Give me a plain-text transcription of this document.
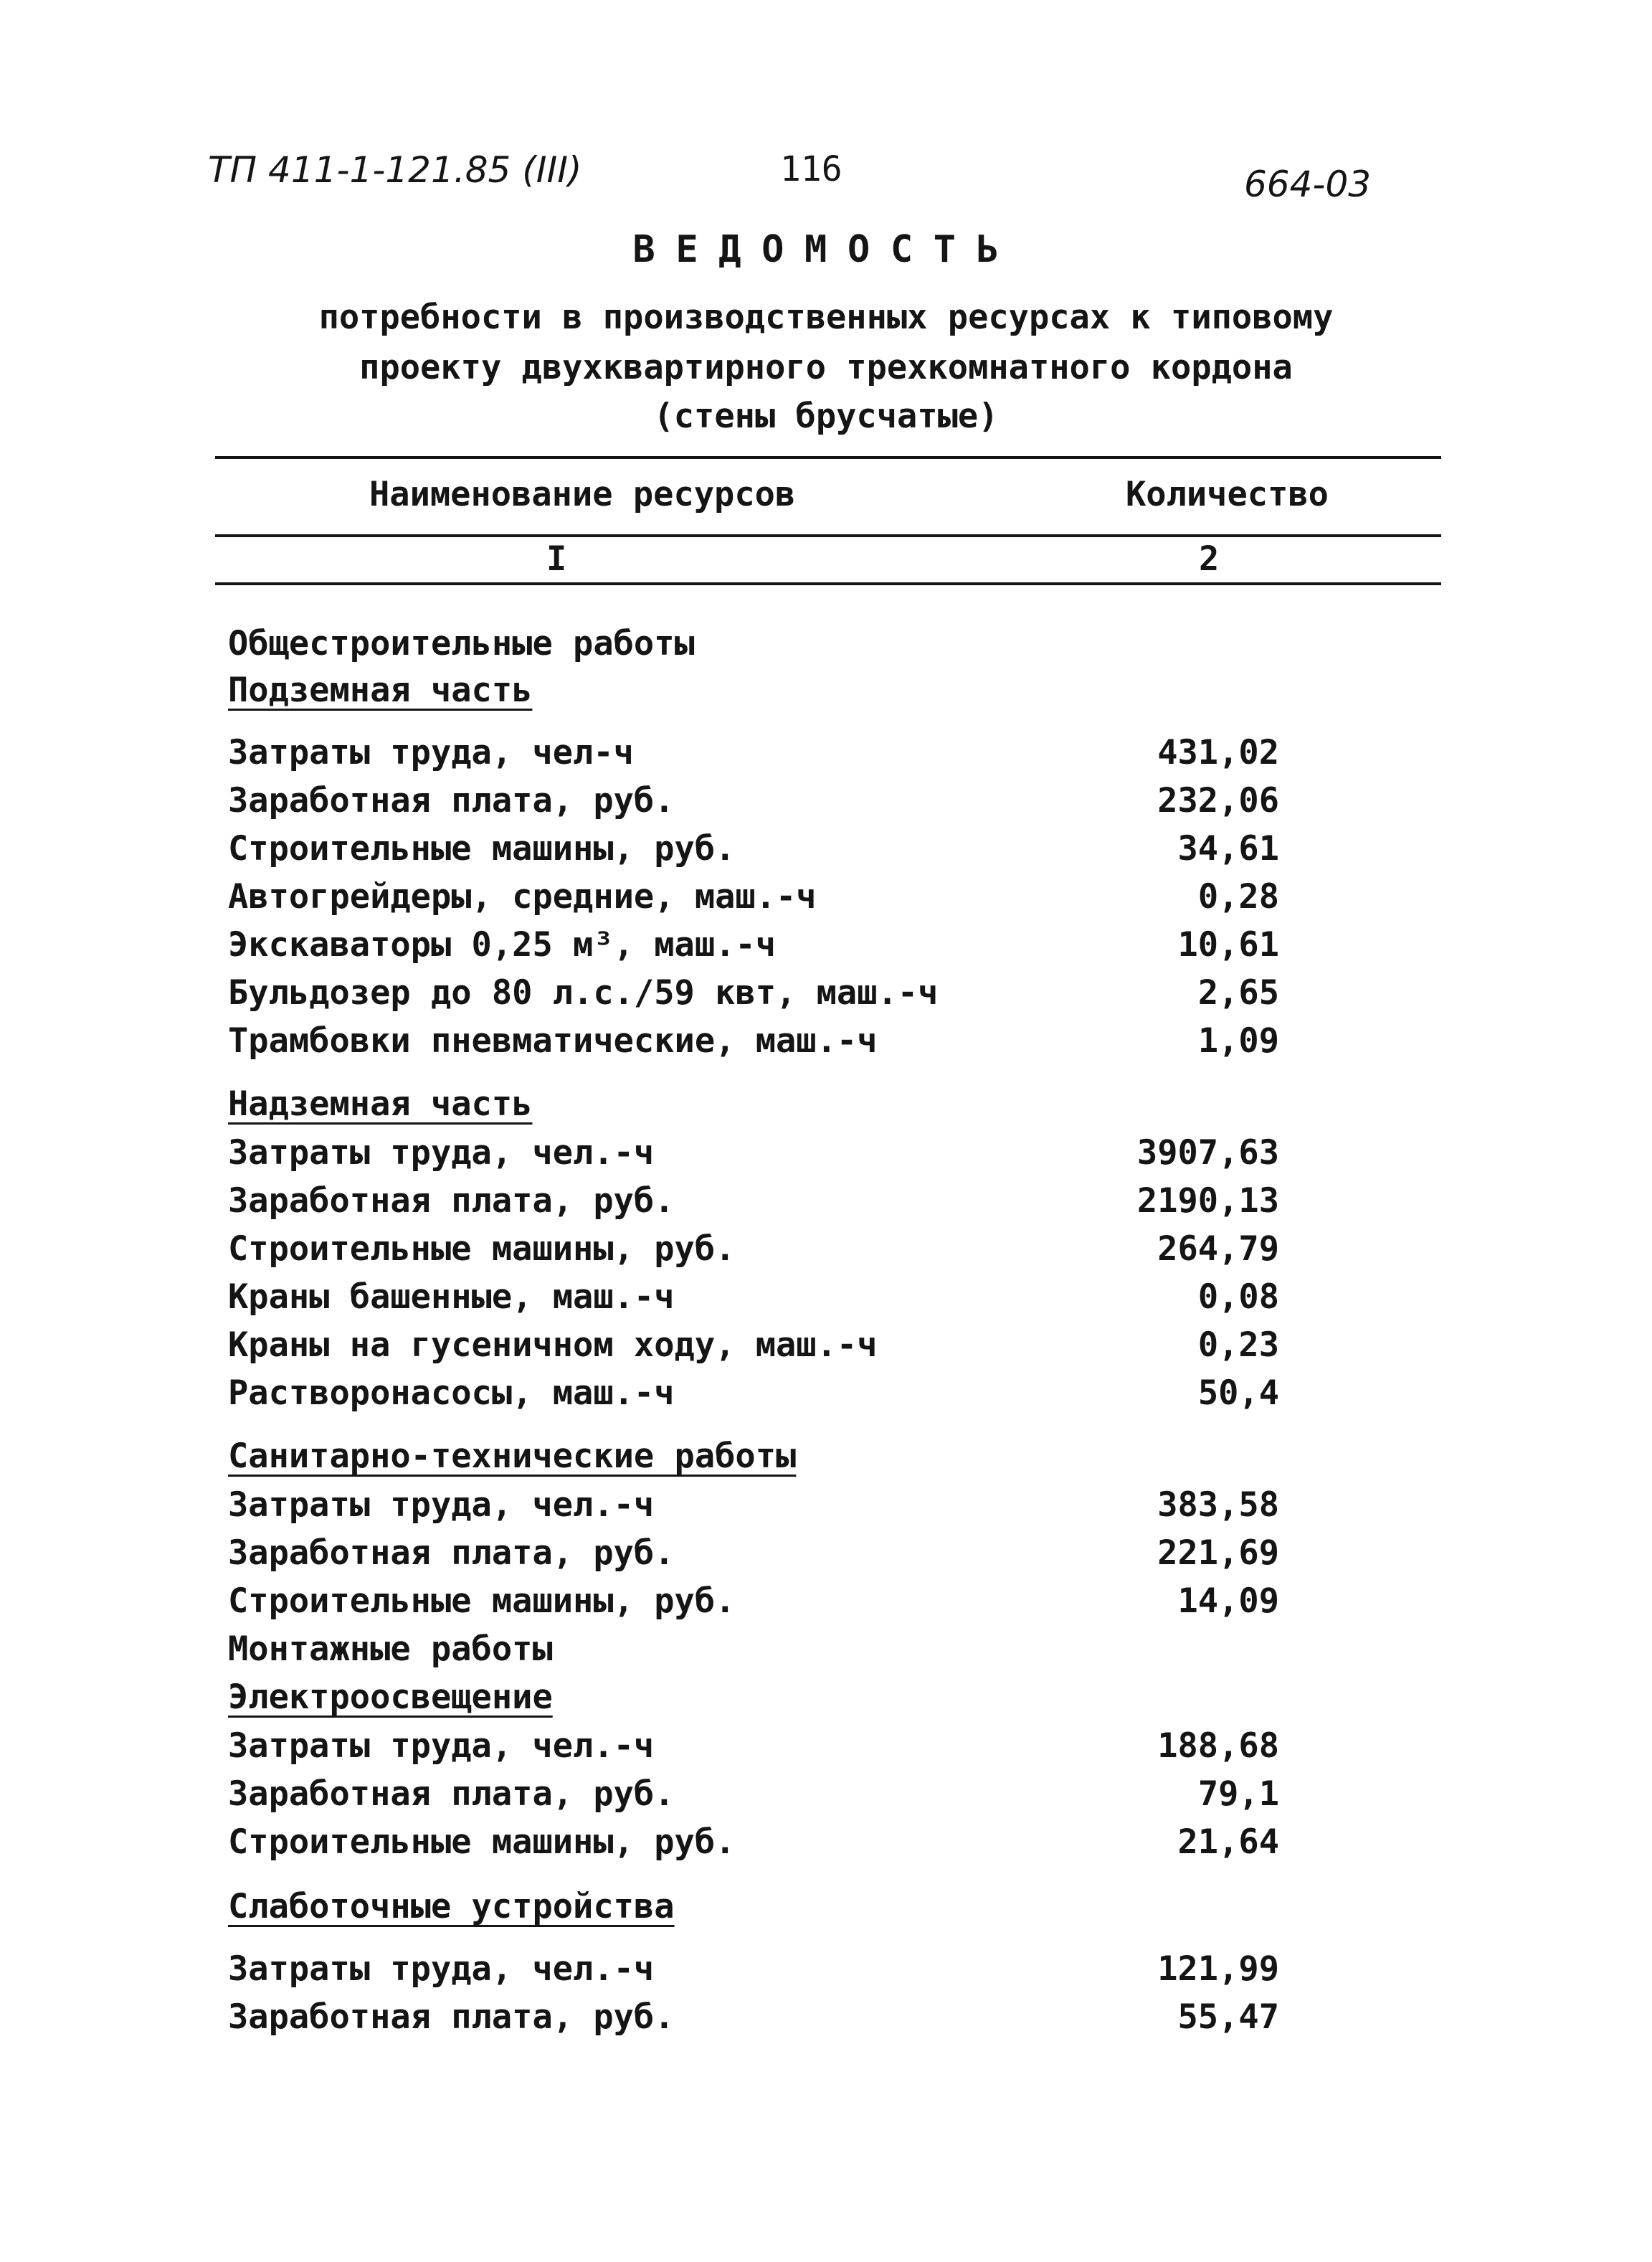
ТП 411-1-121.85 (III)	116	664-03
ВЕДОМОСТЬ
потребности в производственных ресурсах к типовому
проекту двухквартирного трехкомнатного кордона
(стены брусчатые)
Наименование ресурсов	Количество
I	2
Общестроительные работы
Подземная часть
Затраты труда, чел-ч	431,02
Заработная плата, руб.	232,06
Строительные машины, руб.	34,61
Автогрейдеры, средние, маш.-ч	0,28
Экскаваторы 0,25 м³, маш.-ч	10,61
Бульдозер до 80 л.с./59 квт, маш.-ч	2,65
Трамбовки пневматические, маш.-ч	1,09
Надземная часть
Затраты труда, чел.-ч	3907,63
Заработная плата, руб.	2190,13
Строительные машины, руб.	264,79
Краны башенные, маш.-ч	0,08
Краны на гусеничном ходу, маш.-ч	0,23
Растворонасосы, маш.-ч	50,4
Санитарно-технические работы
Затраты труда, чел.-ч	383,58
Заработная плата, руб.	221,69
Строительные машины, руб.	14,09
Монтажные работы
Электроосвещение
Затраты труда, чел.-ч	188,68
Заработная плата, руб.	79,1
Строительные машины, руб.	21,64
Слаботочные устройства
Затраты труда, чел.-ч	121,99
Заработная плата, руб.	55,47
